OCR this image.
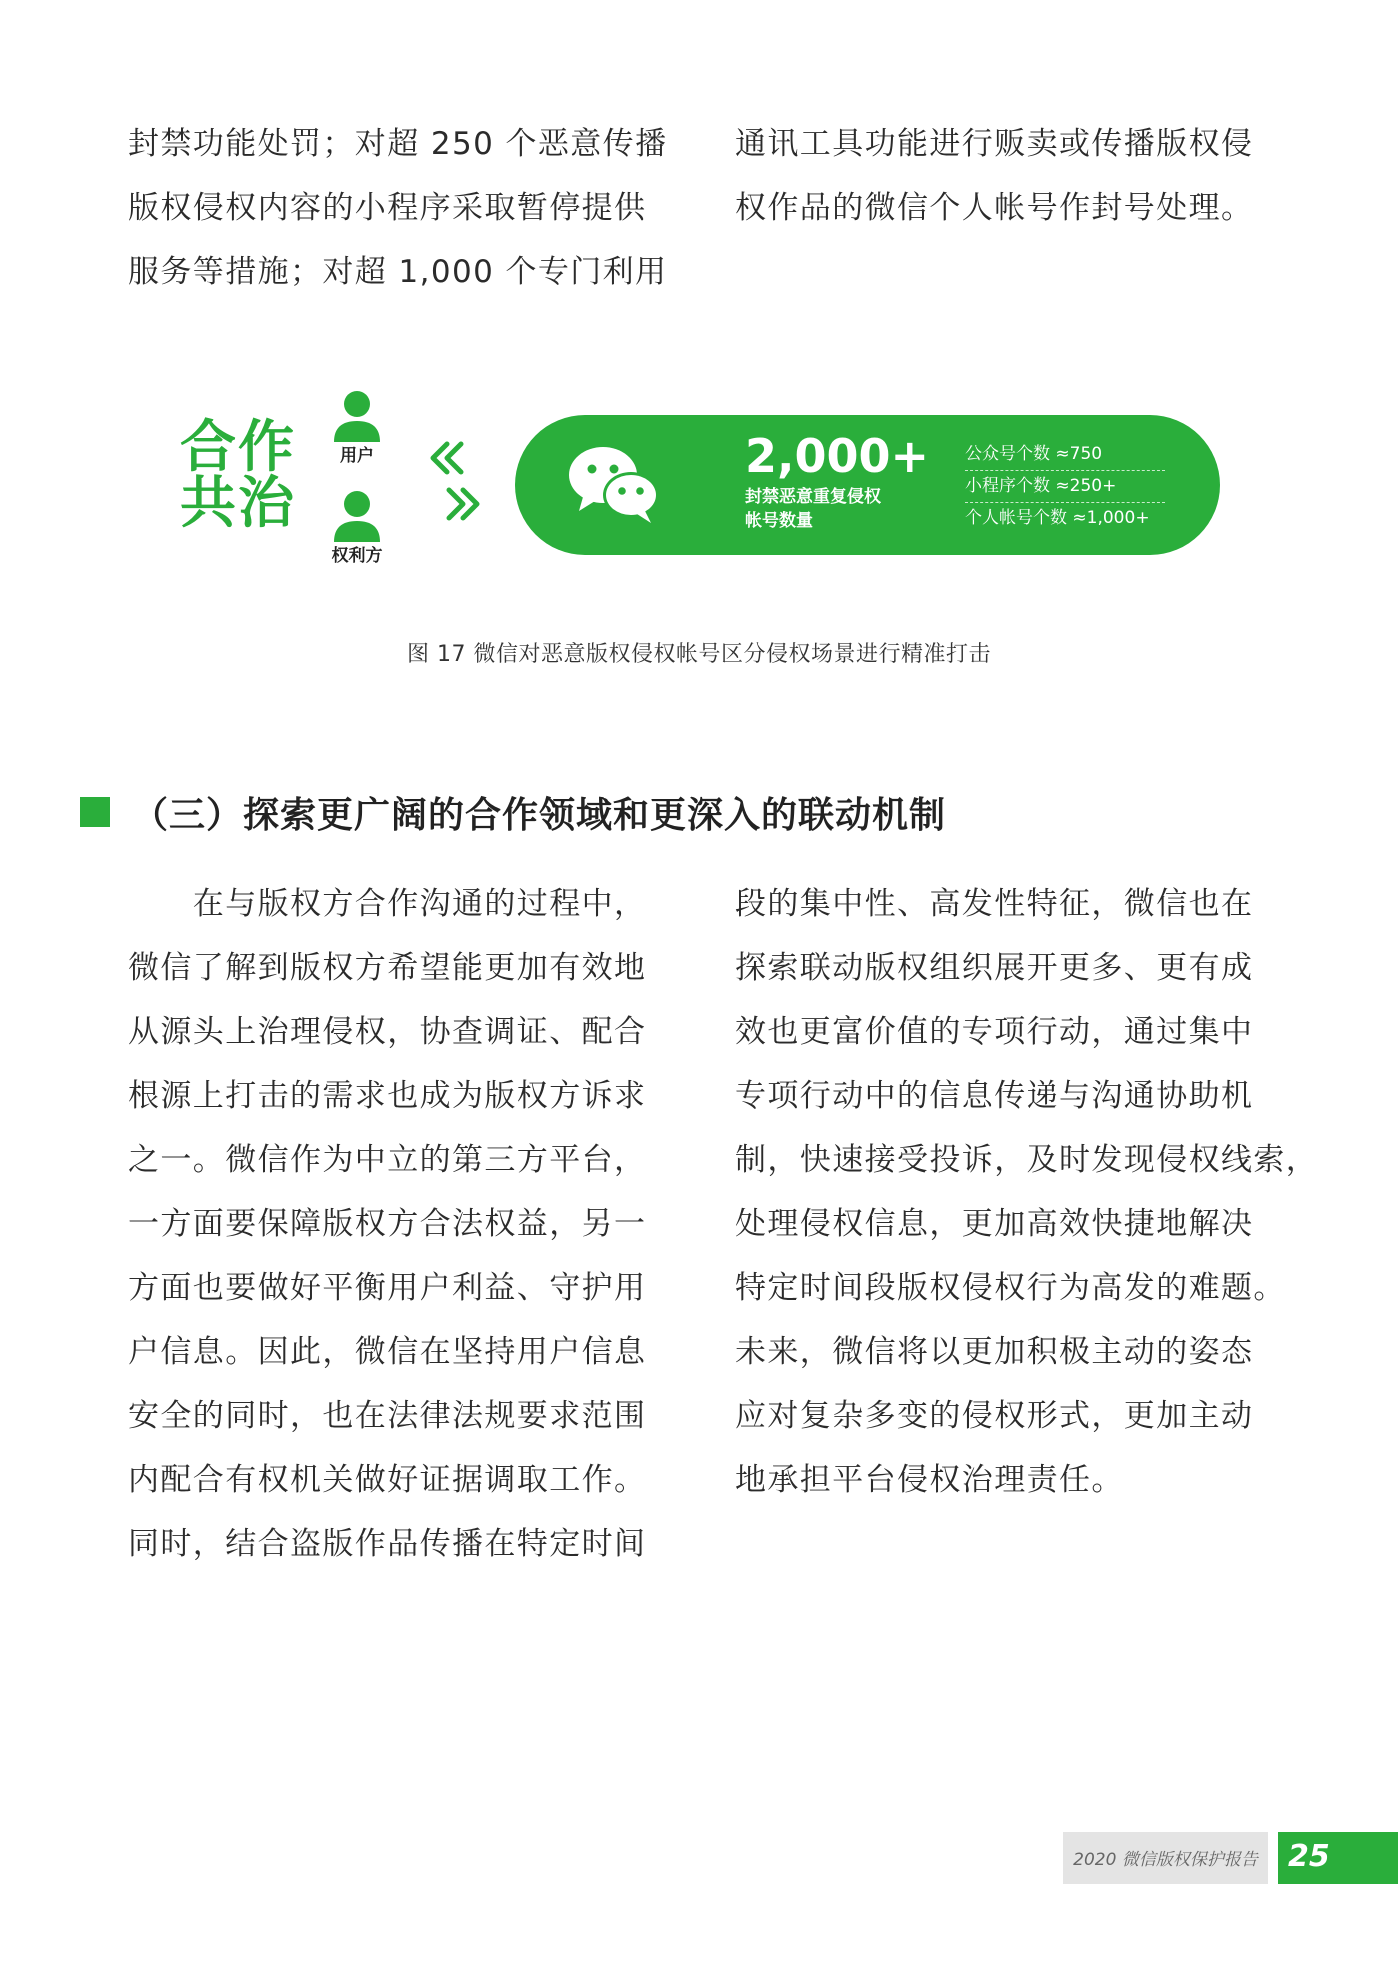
封禁功能处罚；对超 250 个恶意传播

版权侵权内容的小程序采取暂停提供

服务等措施；对超 1,000 个专门利用

通讯工具功能进行贩卖或传播版权侵

权作品的微信个人帐号作封号处理。

合作
共治
用户
权利方
2,000+
封禁恶意重复侵权
帐号数量
公众号个数 ≈750
小程序个数 ≈250+
个人帐号个数 ≈1,000+
图 17 微信对恶意版权侵权帐号区分侵权场景进行精准打击
（三）探索更广阔的合作领域和更深入的联动机制

　　在与版权方合作沟通的过程中，

微信了解到版权方希望能更加有效地

从源头上治理侵权，协查调证、配合

根源上打击的需求也成为版权方诉求

之一。微信作为中立的第三方平台，

一方面要保障版权方合法权益，另一

方面也要做好平衡用户利益、守护用

户信息。因此，微信在坚持用户信息

安全的同时，也在法律法规要求范围

内配合有权机关做好证据调取工作。

同时，结合盗版作品传播在特定时间

段的集中性、高发性特征，微信也在

探索联动版权组织展开更多、更有成

效也更富价值的专项行动，通过集中

专项行动中的信息传递与沟通协助机

制，快速接受投诉，及时发现侵权线索，

处理侵权信息，更加高效快捷地解决

特定时间段版权侵权行为高发的难题。

未来，微信将以更加积极主动的姿态

应对复杂多变的侵权形式，更加主动

地承担平台侵权治理责任。

2020 微信版权保护报告	25
